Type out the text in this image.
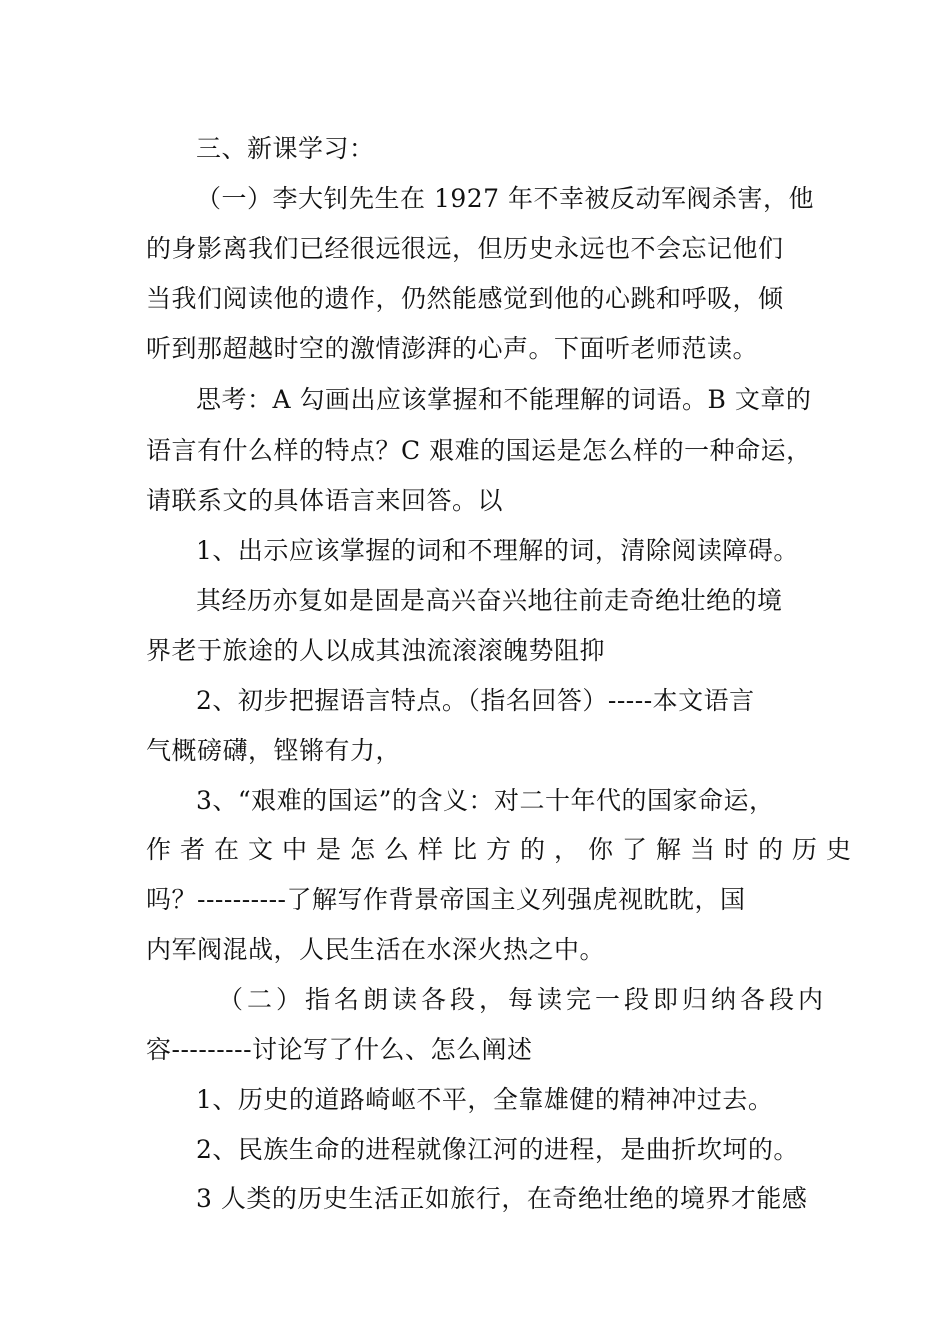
三、新课学习：
（一）李大钊先生在 1927 年不幸被反动军阀杀害，他
的身影离我们已经很远很远，但历史永远也不会忘记他们
当我们阅读他的遗作，仍然能感觉到他的心跳和呼吸，倾
听到那超越时空的激情澎湃的心声。下面听老师范读。
思考：A 勾画出应该掌握和不能理解的词语。B 文章的
语言有什么样的特点？C 艰难的国运是怎么样的一种命运，
请联系文的具体语言来回答。以
1、出示应该掌握的词和不理解的词，清除阅读障碍。
其经历亦复如是固是高兴奋兴地往前走奇绝壮绝的境
界老于旅途的人以成其浊流滚滚魄势阻抑
2、初步把握语言特点。（指名回答）-----本文语言
气概磅礴，铿锵有力，
3、“艰难的国运”的含义：对二十年代的国家命运，
作者在文中是怎么样比方的，你了解当时的历史
吗？----------了解写作背景帝国主义列强虎视眈眈，国
内军阀混战，人民生活在水深火热之中。
（二）指名朗读各段，每读完一段即归纳各段内
容---------讨论写了什么、怎么阐述
1、历史的道路崎岖不平，全靠雄健的精神冲过去。
2、民族生命的进程就像江河的进程，是曲折坎坷的。
3 人类的历史生活正如旅行，在奇绝壮绝的境界才能感
